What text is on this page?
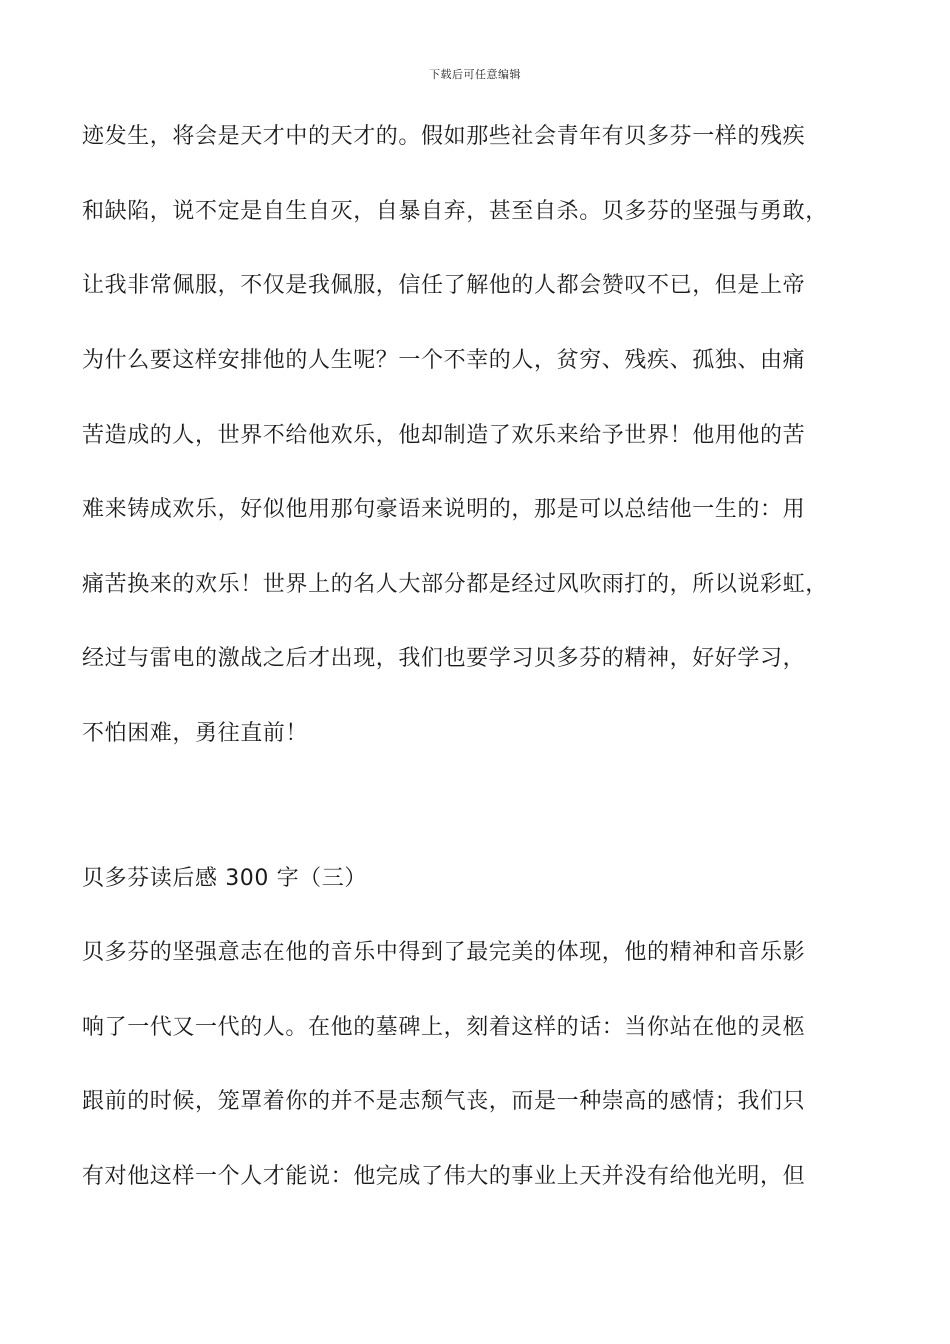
下载后可任意编辑
迹发生，将会是天才中的天才的。假如那些社会青年有贝多芬一样的残疾
和缺陷，说不定是自生自灭，自暴自弃，甚至自杀。贝多芬的坚强与勇敢，
让我非常佩服，不仅是我佩服，信任了解他的人都会赞叹不已，但是上帝
为什么要这样安排他的人生呢？一个不幸的人，贫穷、残疾、孤独、由痛
苦造成的人，世界不给他欢乐，他却制造了欢乐来给予世界！他用他的苦
难来铸成欢乐，好似他用那句豪语来说明的，那是可以总结他一生的：用
痛苦换来的欢乐！世界上的名人大部分都是经过风吹雨打的，所以说彩虹，
经过与雷电的激战之后才出现，我们也要学习贝多芬的精神，好好学习，
不怕困难，勇往直前！
贝多芬读后感 300 字（三）
贝多芬的坚强意志在他的音乐中得到了最完美的体现，他的精神和音乐影
响了一代又一代的人。在他的墓碑上，刻着这样的话：当你站在他的灵柩
跟前的时候，笼罩着你的并不是志颓气丧，而是一种崇高的感情；我们只
有对他这样一个人才能说：他完成了伟大的事业上天并没有给他光明，但
